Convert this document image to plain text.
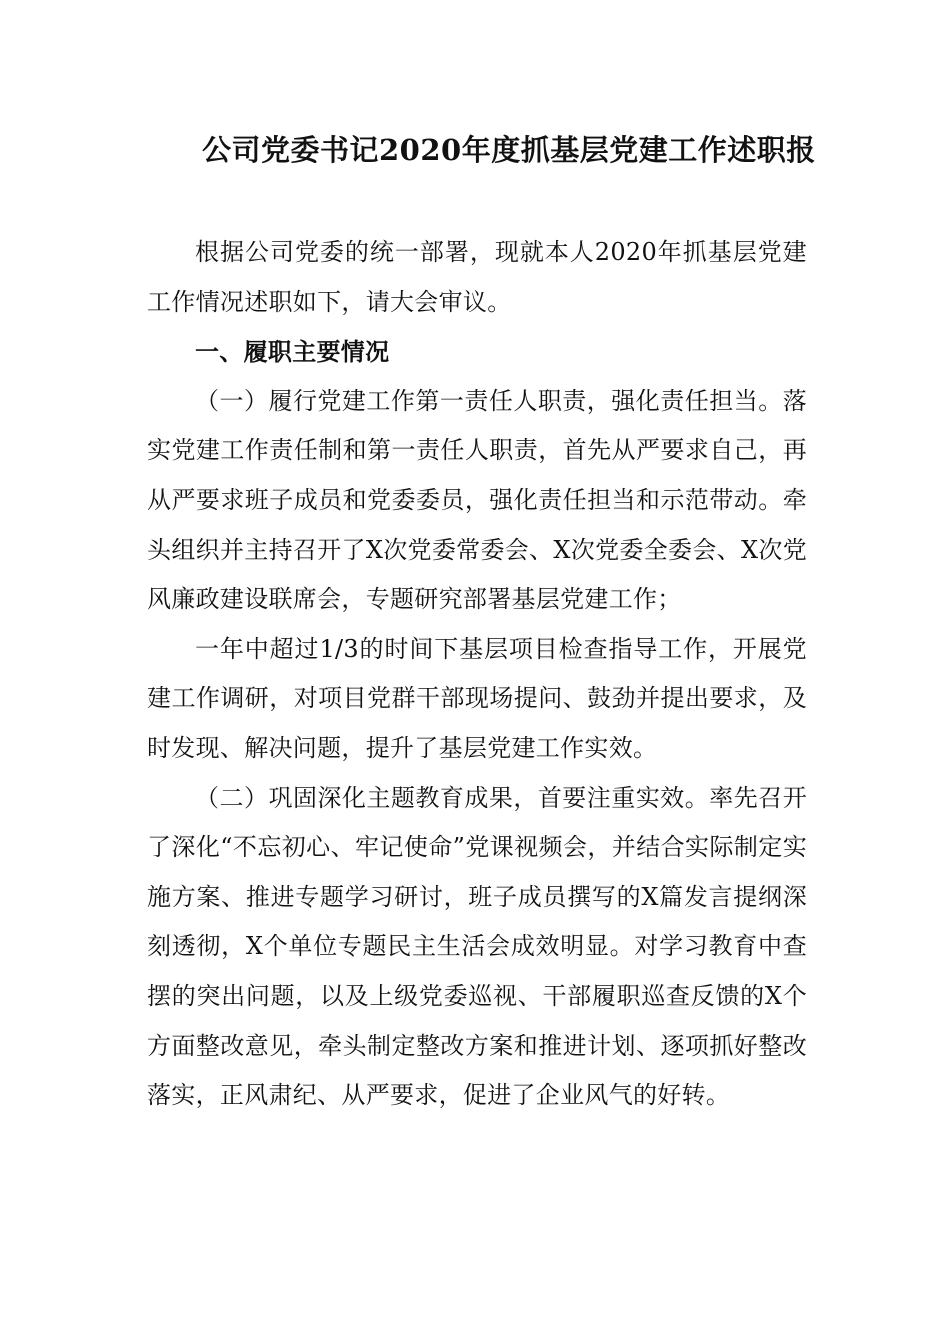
公司党委书记2020年度抓基层党建工作述职报

根据公司党委的统一部署，现就本人2020年抓基层党建工作情况述职如下，请大会审议。

一、履职主要情况

（一）履行党建工作第一责任人职责，强化责任担当。落实党建工作责任制和第一责任人职责，首先从严要求自己，再从严要求班子成员和党委委员，强化责任担当和示范带动。牵头组织并主持召开了X次党委常委会、X次党委全委会、X次党风廉政建设联席会，专题研究部署基层党建工作；

一年中超过1/3的时间下基层项目检查指导工作，开展党建工作调研，对项目党群干部现场提问、鼓劲并提出要求，及时发现、解决问题，提升了基层党建工作实效。

（二）巩固深化主题教育成果，首要注重实效。率先召开了深化“不忘初心、牢记使命”党课视频会，并结合实际制定实施方案、推进专题学习研讨，班子成员撰写的X篇发言提纲深刻透彻，X个单位专题民主生活会成效明显。对学习教育中查摆的突出问题，以及上级党委巡视、干部履职巡查反馈的X个方面整改意见，牵头制定整改方案和推进计划、逐项抓好整改落实，正风肃纪、从严要求，促进了企业风气的好转。
